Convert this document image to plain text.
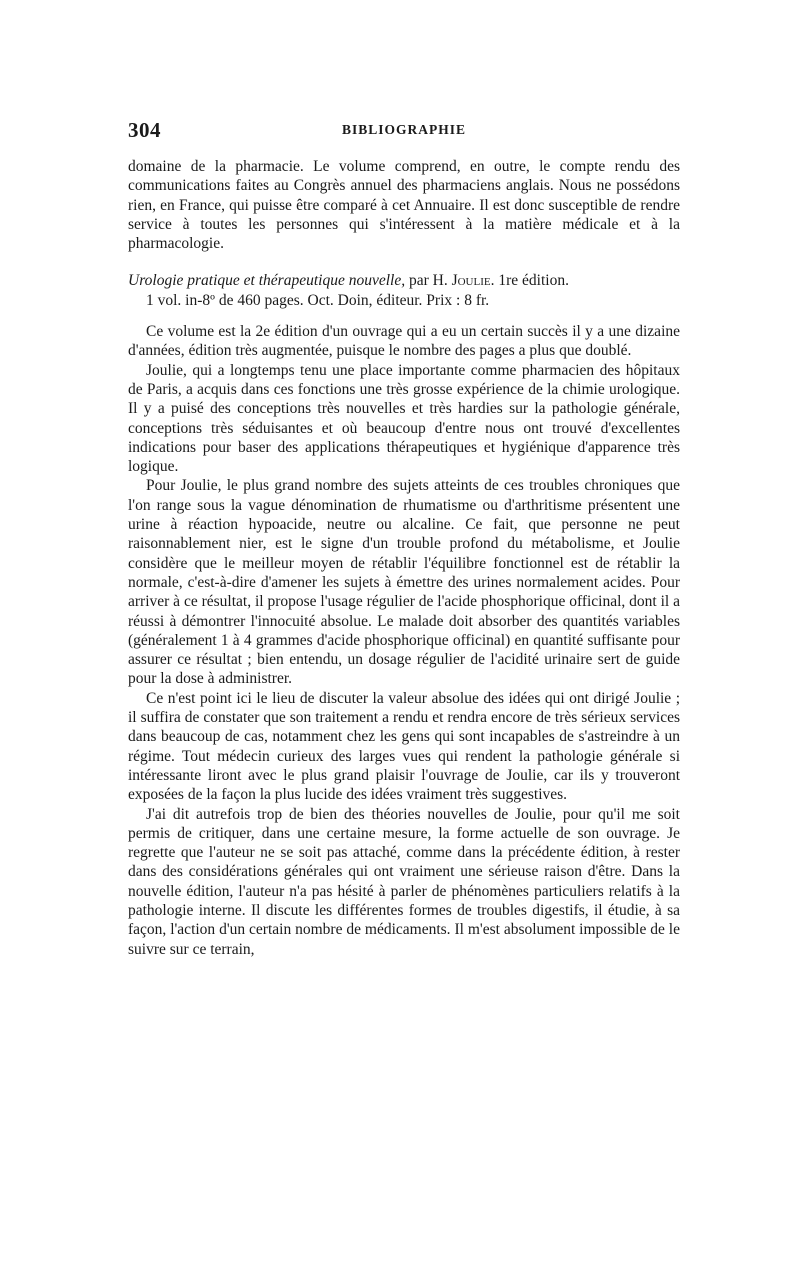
304	BIBLIOGRAPHIE

domaine de la pharmacie. Le volume comprend, en outre, le compte rendu des communications faites au Congrès annuel des pharmaciens anglais. Nous ne possédons rien, en France, qui puisse être comparé à cet Annuaire. Il est donc susceptible de rendre service à toutes les personnes qui s'intéressent à la matière médicale et à la pharmacologie.

Urologie pratique et thérapeutique nouvelle, par H. Joulie. 1re édition.
1 vol. in-8º de 460 pages. Oct. Doin, éditeur. Prix : 8 fr.

Ce volume est la 2e édition d'un ouvrage qui a eu un certain succès il y a une dizaine d'années, édition très augmentée, puisque le nombre des pages a plus que doublé.

Joulie, qui a longtemps tenu une place importante comme pharmacien des hôpitaux de Paris, a acquis dans ces fonctions une très grosse expérience de la chimie urologique. Il y a puisé des conceptions très nouvelles et très hardies sur la pathologie générale, conceptions très séduisantes et où beaucoup d'entre nous ont trouvé d'excellentes indications pour baser des applications thérapeutiques et hygiénique d'apparence très logique.

Pour Joulie, le plus grand nombre des sujets atteints de ces troubles chroniques que l'on range sous la vague dénomination de rhumatisme ou d'arthritisme présentent une urine à réaction hypoacide, neutre ou alcaline. Ce fait, que personne ne peut raisonnablement nier, est le signe d'un trouble profond du métabolisme, et Joulie considère que le meilleur moyen de rétablir l'équilibre fonctionnel est de rétablir la normale, c'est-à-dire d'amener les sujets à émettre des urines normalement acides. Pour arriver à ce résultat, il propose l'usage régulier de l'acide phosphorique officinal, dont il a réussi à démontrer l'innocuité absolue. Le malade doit absorber des quantités variables (généralement 1 à 4 grammes d'acide phosphorique officinal) en quantité suffisante pour assurer ce résultat ; bien entendu, un dosage régulier de l'acidité urinaire sert de guide pour la dose à administrer.

Ce n'est point ici le lieu de discuter la valeur absolue des idées qui ont dirigé Joulie ; il suffira de constater que son traitement a rendu et rendra encore de très sérieux services dans beaucoup de cas, notamment chez les gens qui sont incapables de s'astreindre à un régime. Tout médecin curieux des larges vues qui rendent la pathologie générale si intéressante liront avec le plus grand plaisir l'ouvrage de Joulie, car ils y trouveront exposées de la façon la plus lucide des idées vraiment très suggestives.

J'ai dit autrefois trop de bien des théories nouvelles de Joulie, pour qu'il me soit permis de critiquer, dans une certaine mesure, la forme actuelle de son ouvrage. Je regrette que l'auteur ne se soit pas attaché, comme dans la précédente édition, à rester dans des considérations générales qui ont vraiment une sérieuse raison d'être. Dans la nouvelle édition, l'auteur n'a pas hésité à parler de phénomènes particuliers relatifs à la pathologie interne. Il discute les différentes formes de troubles digestifs, il étudie, à sa façon, l'action d'un certain nombre de médicaments. Il m'est absolument impossible de le suivre sur ce terrain,
